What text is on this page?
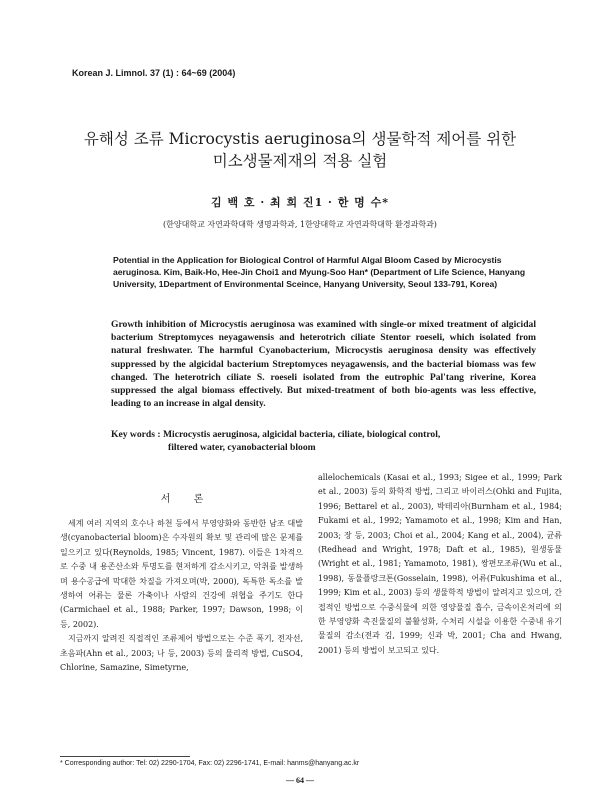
Korean J. Limnol. 37 (1) : 64~69 (2004)
유해성 조류 Microcystis aeruginosa의 생물학적 제어를 위한
미소생물제재의 적용 실험
김 백 호 · 최 희 진1 · 한 명 수*
(한양대학교 자연과학대학 생명과학과, 1한양대학교 자연과학대학 환경과학과)
Potential in the Application for Biological Control of Harmful Algal Bloom Cased by Microcystis aeruginosa. Kim, Baik-Ho, Hee-Jin Choi1 and Myung-Soo Han* (Department of Life Science, Hanyang University, 1Department of Environmental Sceince, Hanyang University, Seoul 133-791, Korea)
Growth inhibition of Microcystis aeruginosa was examined with single-or mixed treatment of algicidal bacterium Streptomyces neyagawensis and heterotrich ciliate Stentor roeseli, which isolated from natural freshwater. The harmful Cyanobacterium, Microcystis aeruginosa density was effectively suppressed by the algicidal bacterium Streptomyces neyagawensis, and the bacterial biomass was few changed. The heterotrich ciliate S. roeseli isolated from the eutrophic Pal'tang riverine, Korea suppressed the algal biomass effectively. But mixed-treatment of both bio-agents was less effective, leading to an increase in algal density.
Key words : Microcystis aeruginosa, algicidal bacteria, ciliate, biological control,
filtered water, cyanobacterial bloom
서 론

세계 여러 지역의 호수나 하천 등에서 부영양화와 동반한 남조 대발생(cyanobacterial bloom)은 수자원의 확보 및 관리에 많은 문제를 일으키고 있다(Reynolds, 1985; Vincent, 1987). 이들은 1차적으로 수중 내 용존산소와 투명도를 현저하게 감소시키고, 악취를 발생하며 용수공급에 막대한 차질을 가져오며(박, 2000), 독특한 독소를 발생하여 어류는 물론 가축이나 사람의 건강에 위협을 주기도 한다(Carmichael et al., 1988; Parker, 1997; Dawson, 1998; 이 등, 2002).

지금까지 알려진 직접적인 조류제어 방법으로는 수준 폭기, 전자선, 초음파(Ahn et al., 2003; 나 등, 2003) 등의 물리적 방법, CuSO4, Chlorine, Samazine, Simetyrne,

allelochemicals (Kasai et al., 1993; Sigee et al., 1999; Park et al., 2003) 등의 화학적 방법, 그리고 바이러스(Ohki and Fujita, 1996; Bettarel et al., 2003), 박테리아(Burnham et al., 1984; Fukami et al., 1992; Yamamoto et al., 1998; Kim and Han, 2003; 장 등, 2003; Choi et al., 2004; Kang et al., 2004), 균류(Redhead and Wright, 1978; Daft et al., 1985), 원생동물(Wright et al., 1981; Yamamoto, 1981), 쌍편모조류(Wu et al., 1998), 동물플랑크톤(Gosselain, 1998), 어류(Fukushima et al., 1999; Kim et al., 2003) 등의 생물학적 방법이 알려지고 있으며, 간접적인 방법으로 수중식물에 의한 영양물질 흡수, 금속이온처리에 의한 부영양화 촉진물질의 불활성화, 수처리 시설을 이용한 수중내 유기물질의 감소(전과 김, 1999; 신과 박, 2001; Cha and Hwang, 2001) 등의 방법이 보고되고 있다.

* Corresponding author: Tel: 02) 2290-1704, Fax: 02) 2296-1741, E-mail: hanms@hanyang.ac.kr
— 64 —
